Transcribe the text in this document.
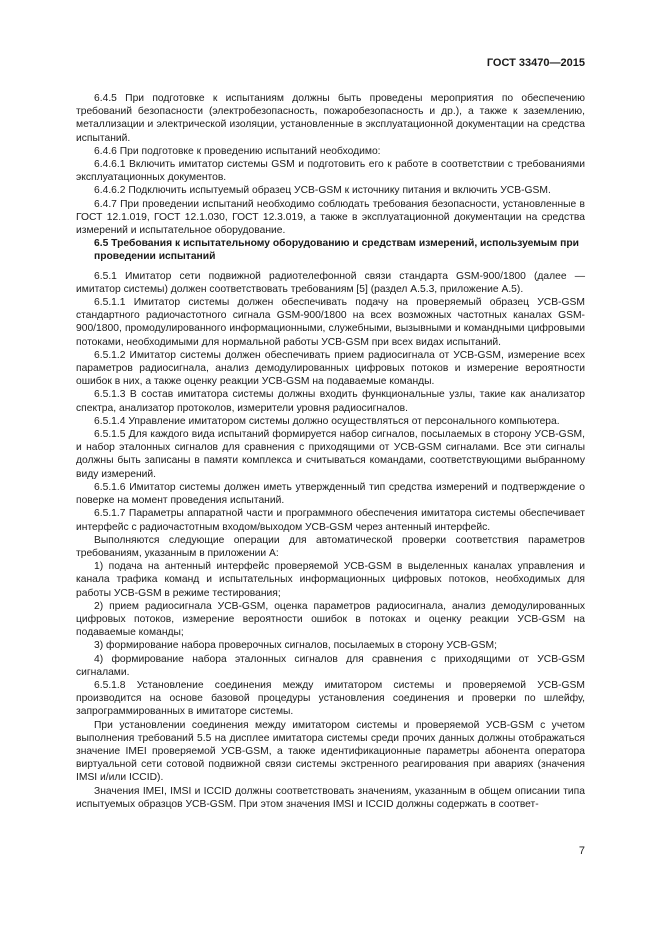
ГОСТ 33470—2015

6.4.5 При подготовке к испытаниям должны быть проведены мероприятия по обеспечению требований безопасности (электробезопасность, пожаробезопасность и др.), а также к заземлению, металлизации и электрической изоляции, установленные в эксплуатационной документации на средства испытаний.

6.4.6 При подготовке к проведению испытаний необходимо:

6.4.6.1 Включить имитатор системы GSM и подготовить его к работе в соответствии с требованиями эксплуатационных документов.

6.4.6.2 Подключить испытуемый образец УСВ-GSM к источнику питания и включить УСВ-GSM.

6.4.7 При проведении испытаний необходимо соблюдать требования безопасности, установленные в ГОСТ 12.1.019, ГОСТ 12.1.030, ГОСТ 12.3.019, а также в эксплуатационной документации на средства измерений и испытательное оборудование.

6.5 Требования к испытательному оборудованию и средствам измерений, используемым при проведении испытаний

6.5.1 Имитатор сети подвижной радиотелефонной связи стандарта GSM-900/1800 (далее — имитатор системы) должен соответствовать требованиям [5] (раздел А.5.3, приложение А.5).

6.5.1.1 Имитатор системы должен обеспечивать подачу на проверяемый образец УСВ-GSM стандартного радиочастотного сигнала GSM-900/1800 на всех возможных частотных каналах GSM-900/1800, промодулированного информационными, служебными, вызывными и командными цифровыми потоками, необходимыми для нормальной работы УСВ-GSM при всех видах испытаний.

6.5.1.2 Имитатор системы должен обеспечивать прием радиосигнала от УСВ-GSM, измерение всех параметров радиосигнала, анализ демодулированных цифровых потоков и измерение вероятности ошибок в них, а также оценку реакции УСВ-GSM на подаваемые команды.

6.5.1.3 В состав имитатора системы должны входить функциональные узлы, такие как анализатор спектра, анализатор протоколов, измерители уровня радиосигналов.

6.5.1.4 Управление имитатором системы должно осуществляться от персонального компьютера.

6.5.1.5 Для каждого вида испытаний формируется набор сигналов, посылаемых в сторону УСВ-GSM, и набор эталонных сигналов для сравнения с приходящими от УСВ-GSM сигналами. Все эти сигналы должны быть записаны в памяти комплекса и считываться командами, соответствующими выбранному виду измерений.

6.5.1.6 Имитатор системы должен иметь утвержденный тип средства измерений и подтверждение о поверке на момент проведения испытаний.

6.5.1.7 Параметры аппаратной части и программного обеспечения имитатора системы обеспечивает интерфейс с радиочастотным входом/выходом УСВ-GSM через антенный интерфейс.

Выполняются следующие операции для автоматической проверки соответствия параметров требованиям, указанным в приложении А:

1) подача на антенный интерфейс проверяемой УСВ-GSM в выделенных каналах управления и канала трафика команд и испытательных информационных цифровых потоков, необходимых для работы УСВ-GSM в режиме тестирования;

2) прием радиосигнала УСВ-GSM, оценка параметров радиосигнала, анализ демодулированных цифровых потоков, измерение вероятности ошибок в потоках и оценку реакции УСВ-GSM на подаваемые команды;

3) формирование набора проверочных сигналов, посылаемых в сторону УСВ-GSM;

4) формирование набора эталонных сигналов для сравнения с приходящими от УСВ-GSM сигналами.

6.5.1.8 Установление соединения между имитатором системы и проверяемой УСВ-GSM производится на основе базовой процедуры установления соединения и проверки по шлейфу, запрограммированных в имитаторе системы.

При установлении соединения между имитатором системы и проверяемой УСВ-GSM с учетом выполнения требований 5.5 на дисплее имитатора системы среди прочих данных должны отображаться значение IMEI проверяемой УСВ-GSM, а также идентификационные параметры абонента оператора виртуальной сети сотовой подвижной связи системы экстренного реагирования при авариях (значения IMSI и/или ICCID).

Значения IMEI, IMSI и ICCID должны соответствовать значениям, указанным в общем описании типа испытуемых образцов УСВ-GSM. При этом значения IMSI и ICCID должны содержать в соответ-

7
